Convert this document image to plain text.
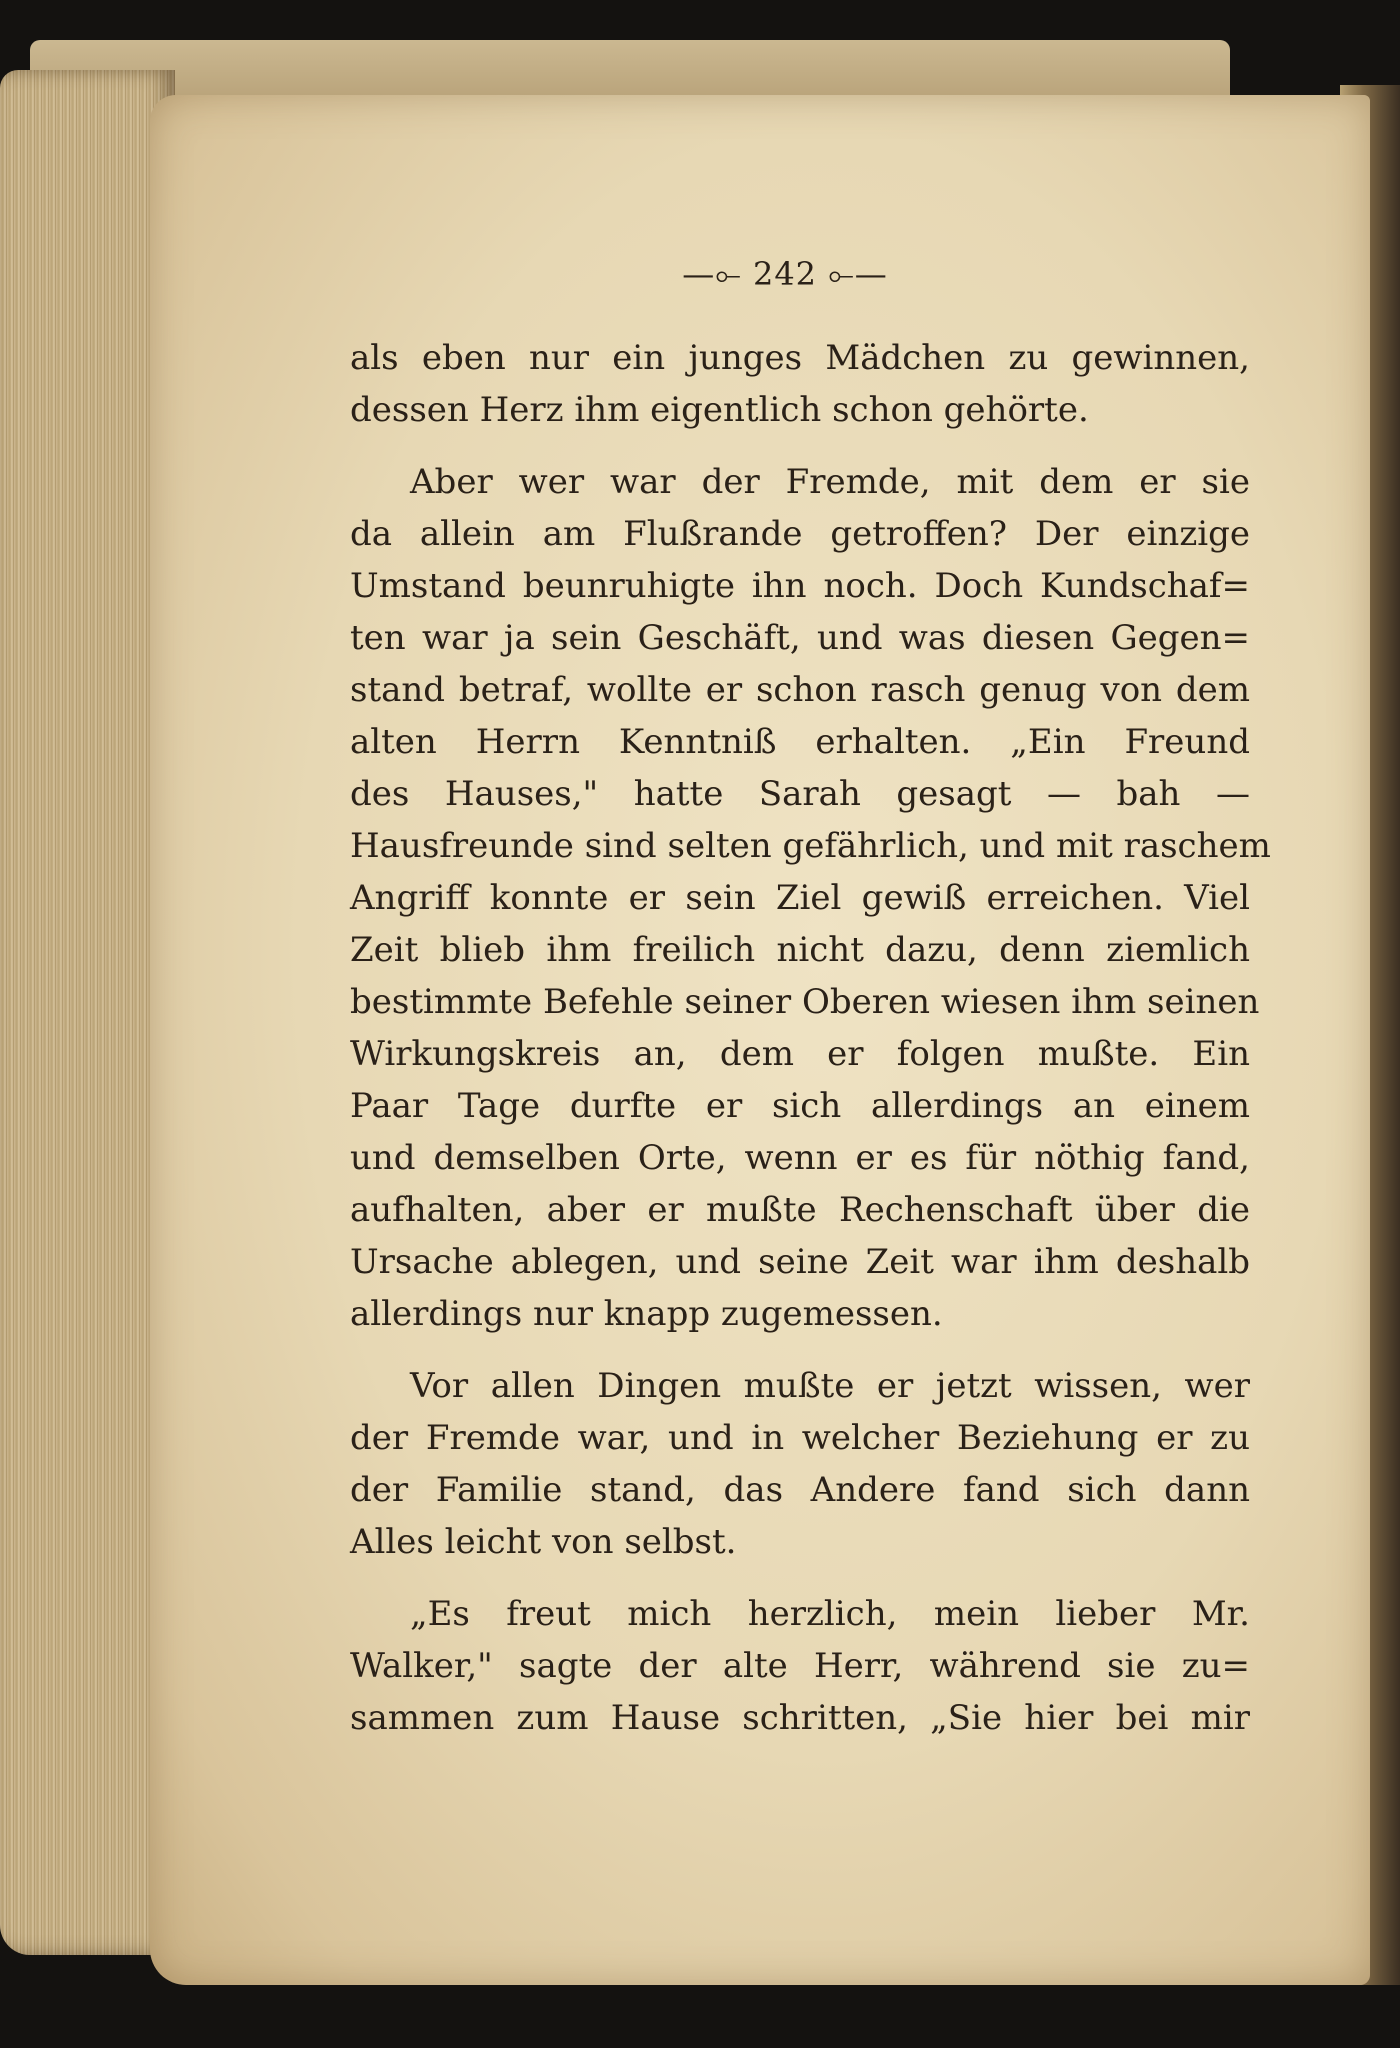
—⟜ 242 ⟜—
als eben nur ein junges Mädchen zu gewinnen,
dessen Herz ihm eigentlich schon gehörte.
Aber wer war der Fremde, mit dem er sie
da allein am Flußrande getroffen? Der einzige
Umstand beunruhigte ihn noch. Doch Kundschaf=
ten war ja sein Geschäft, und was diesen Gegen=
stand betraf, wollte er schon rasch genug von dem
alten Herrn Kenntniß erhalten. „Ein Freund
des Hauses," hatte Sarah gesagt — bah —
Hausfreunde sind selten gefährlich, und mit raschem
Angriff konnte er sein Ziel gewiß erreichen. Viel
Zeit blieb ihm freilich nicht dazu, denn ziemlich
bestimmte Befehle seiner Oberen wiesen ihm seinen
Wirkungskreis an, dem er folgen mußte. Ein
Paar Tage durfte er sich allerdings an einem
und demselben Orte, wenn er es für nöthig fand,
aufhalten, aber er mußte Rechenschaft über die
Ursache ablegen, und seine Zeit war ihm deshalb
allerdings nur knapp zugemessen.
Vor allen Dingen mußte er jetzt wissen, wer
der Fremde war, und in welcher Beziehung er zu
der Familie stand, das Andere fand sich dann
Alles leicht von selbst.
„Es freut mich herzlich, mein lieber Mr.
Walker," sagte der alte Herr, während sie zu=
sammen zum Hause schritten, „Sie hier bei mir
